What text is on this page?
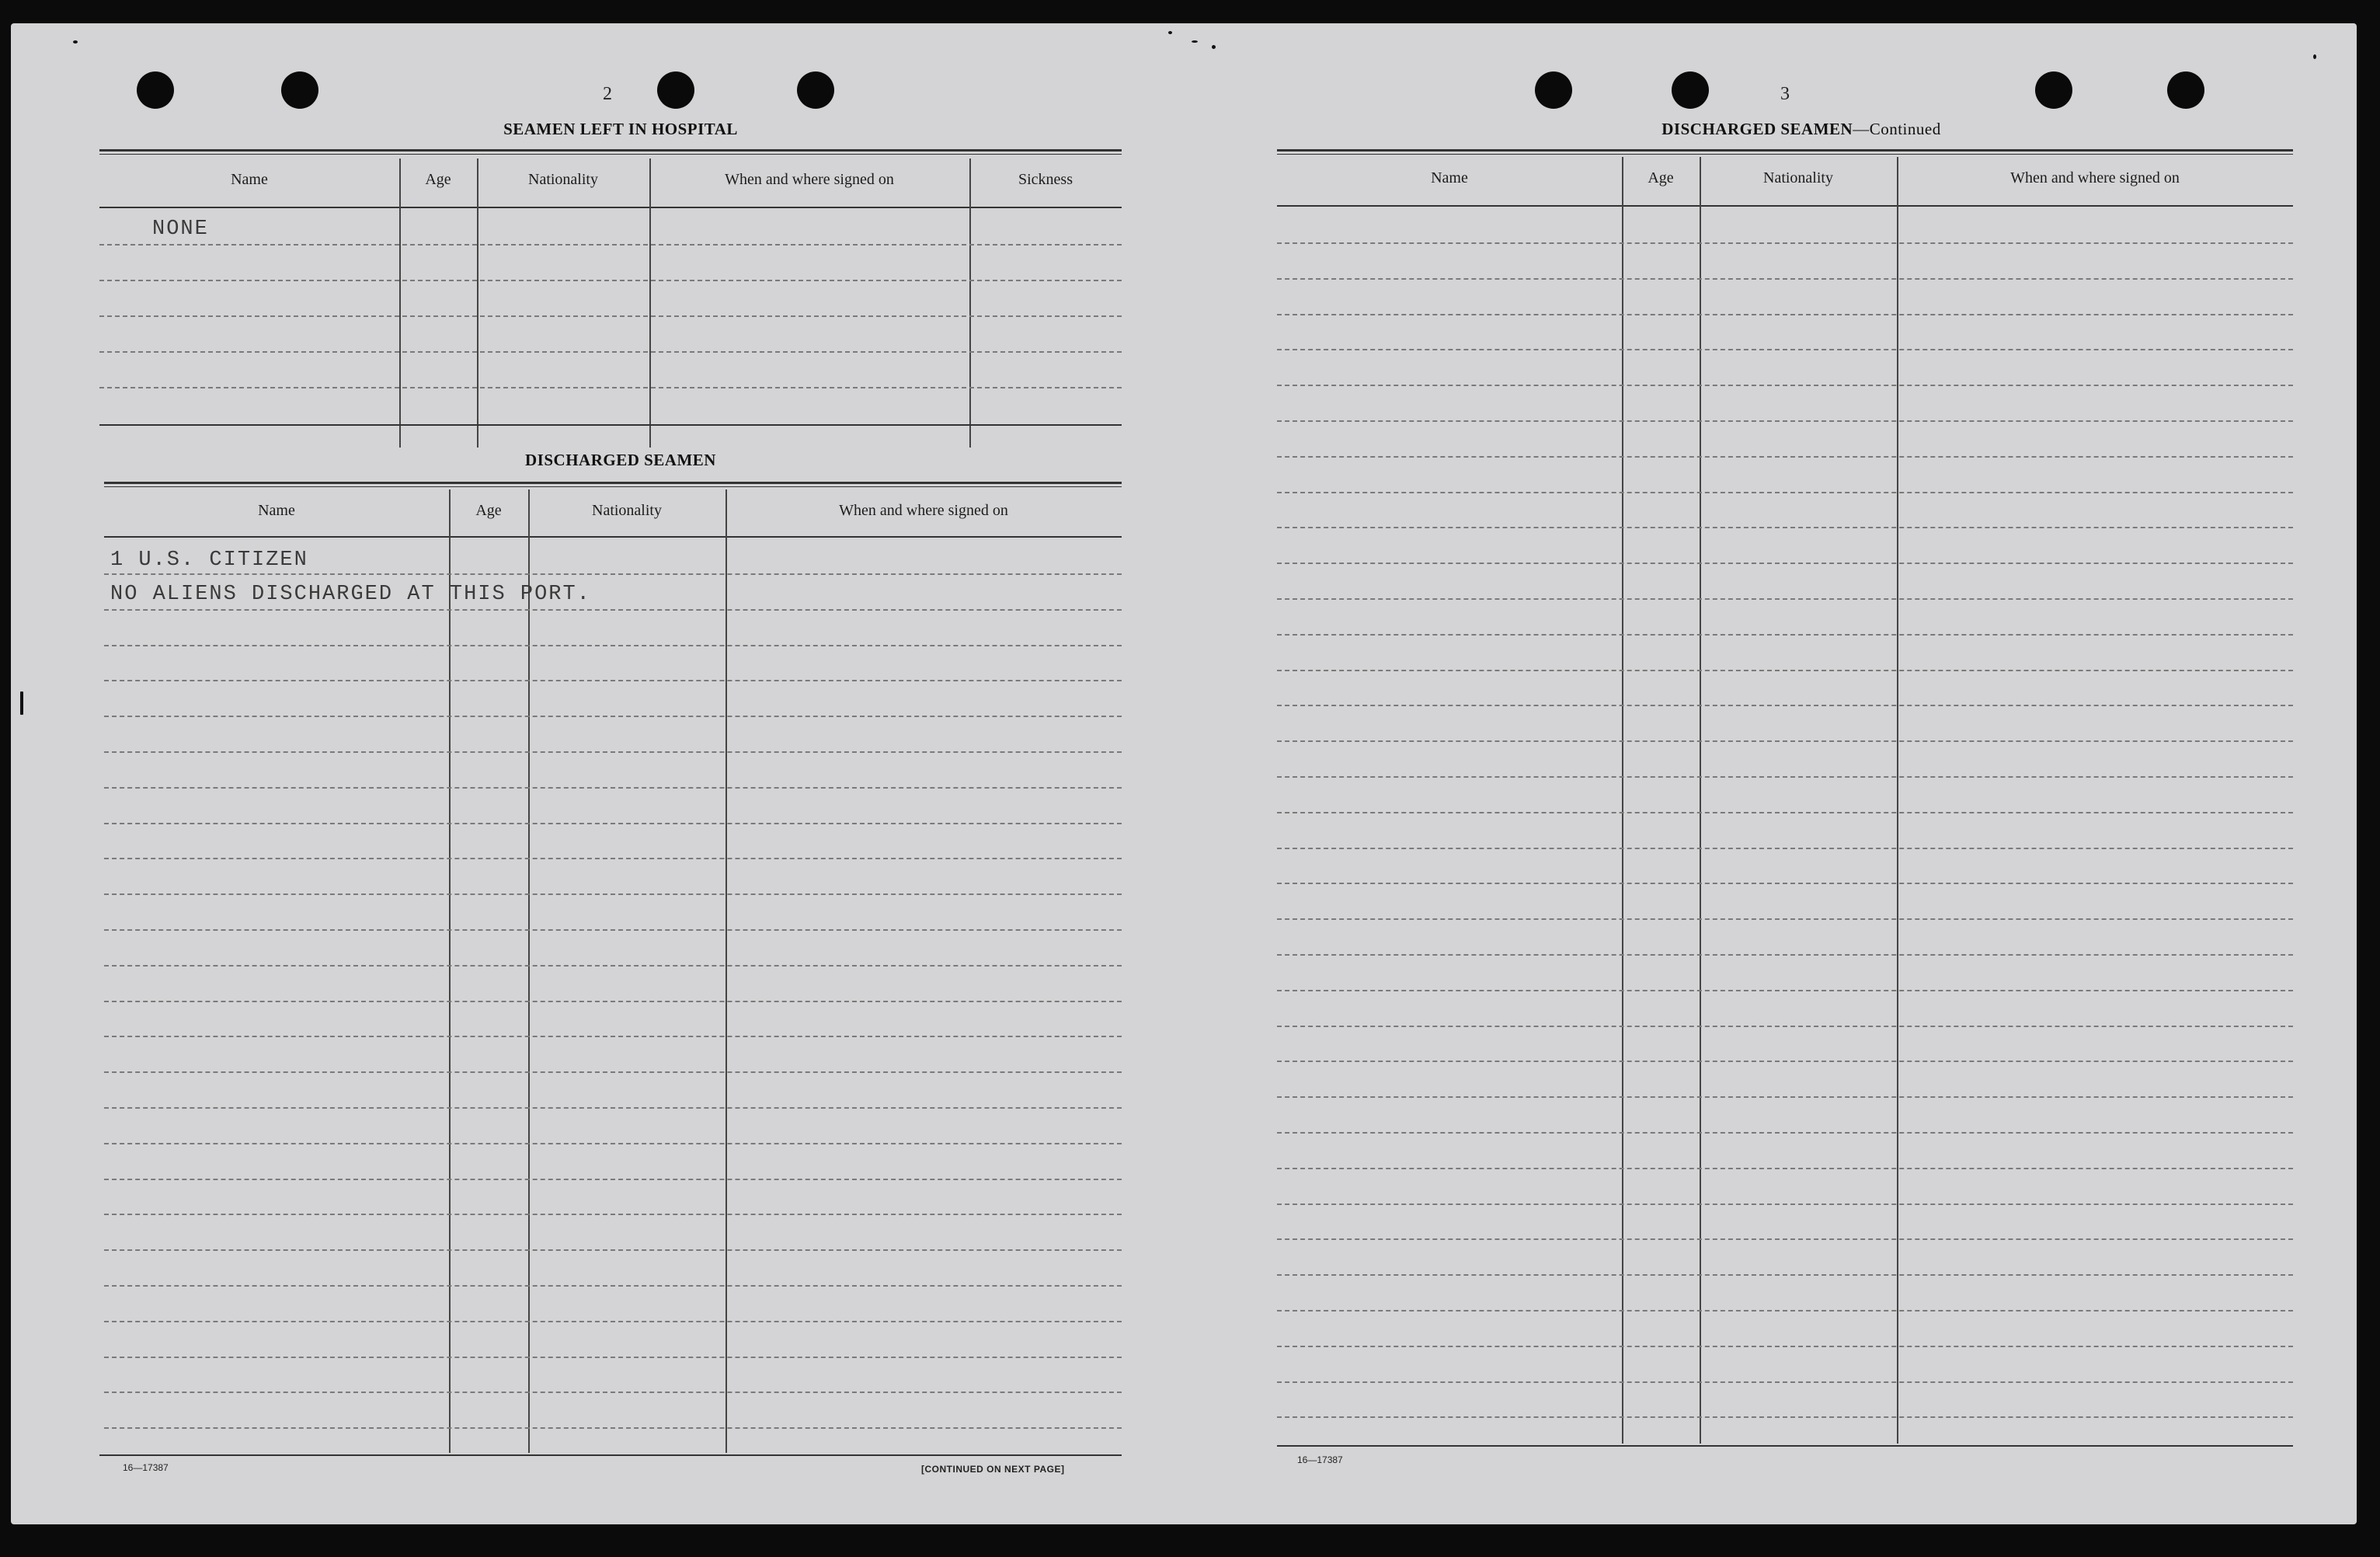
2
SEAMEN LEFT IN HOSPITAL
Name	Age	Nationality	When and where signed on	Sickness
NONE
DISCHARGED SEAMEN
Name	Age	Nationality	When and where signed on
1 U.S. CITIZEN
NO ALIENS DISCHARGED AT THIS PORT.
16—17387	[CONTINUED ON NEXT PAGE]
3
DISCHARGED SEAMEN—Continued
Name	Age	Nationality	When and where signed on
16—17387
